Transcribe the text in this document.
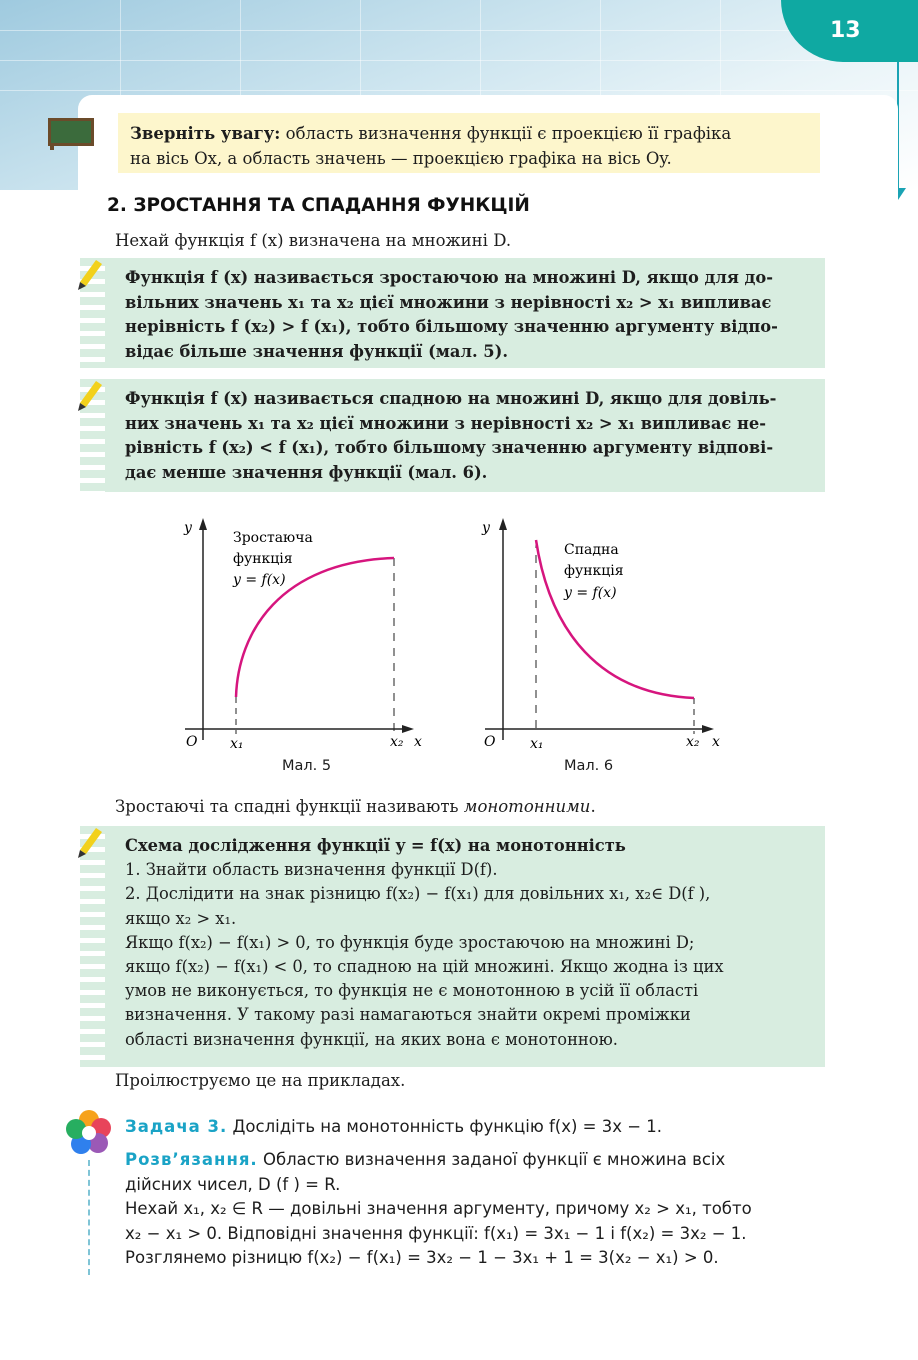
13
Зверніть увагу: область визначення функції є проекцією її графіка
на вісь Ox, а область значень — проекцією графіка на вісь Oy.
2. ЗРОСТАННЯ ТА СПАДАННЯ ФУНКЦІЙ
Нехай функція f (x) визначена на множині D.
Функція f (x) називається зростаючою на множині D, якщо для до-
вільних значень x₁ та x₂ цієї множини з нерівності x₂ > x₁ випливає
нерівність f (x₂) > f (x₁), тобто більшому значенню аргументу відпо-
відає більше значення функції (мал. 5).
Функція f (x) називається спадною на множині D, якщо для довіль-
них значень x₁ та x₂ цієї множини з нерівності x₂ > x₁ випливає не-
рівність f (x₂) < f (x₁), тобто більшому значенню аргументу відпові-
дає менше значення функції (мал. 6).
y
O x₁	x₂ x
Зростаюча
функція
y = f(x)
Мал. 5
y
O x₁	x₂ x
Спадна
функція
y = f(x)
Мал. 6
Зростаючі та спадні функції називають монотонними.
Схема дослідження функції y = f(x) на монотонність
1. Знайти область визначення функції D(f).
2. Дослідити на знак різницю f(x₂) − f(x₁) для довільних x₁, x₂∈ D(f ),
якщо x₂ > x₁.
Якщо f(x₂) − f(x₁) > 0, то функція буде зростаючою на множині D;
якщо f(x₂) − f(x₁) < 0, то спадною на цій множині. Якщо жодна із цих
умов не виконується, то функція не є монотонною в усій її області
визначення. У такому разі намагаються знайти окремі проміжки
області визначення функції, на яких вона є монотонною.
Проілюструємо це на прикладах.
Задача 3. Дослідіть на монотонність функцію f(x) = 3x − 1.
Розв’язання. Областю визначення заданої функції є множина всіх
дійсних чисел, D (f ) = R.
Нехай x₁, x₂ ∈ R — довільні значення аргументу, причому x₂ > x₁, тобто
x₂ − x₁ > 0. Відповідні значення функції: f(x₁) = 3x₁ − 1 і f(x₂) = 3x₂ − 1.
Розглянемо різницю f(x₂) − f(x₁) = 3x₂ − 1 − 3x₁ + 1 = 3(x₂ − x₁) > 0.
